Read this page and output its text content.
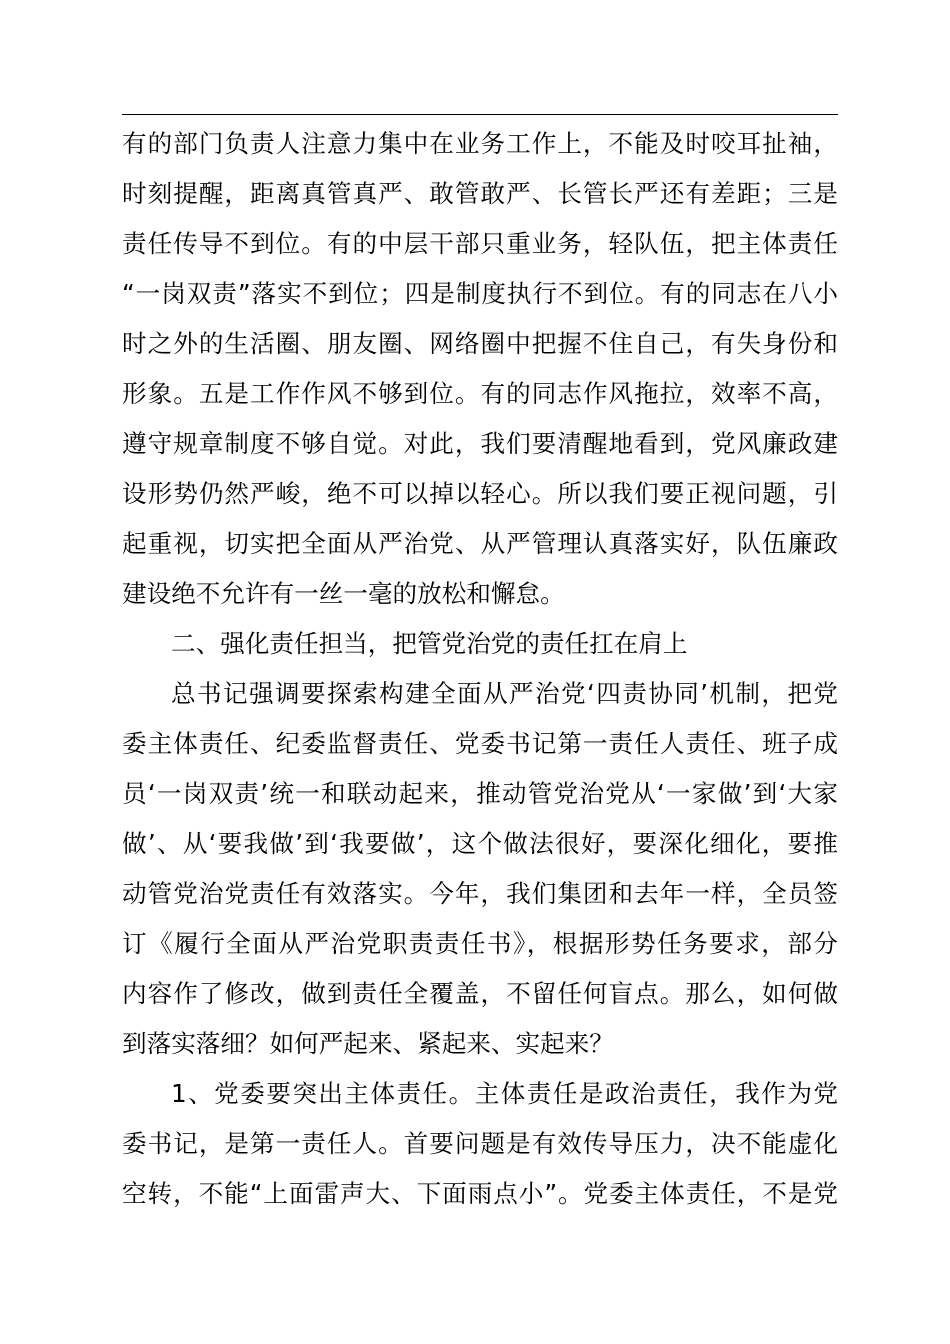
有的部门负责人注意力集中在业务工作上，不能及时咬耳扯袖，
时刻提醒，距离真管真严、敢管敢严、长管长严还有差距；三是
责任传导不到位。有的中层干部只重业务，轻队伍，把主体责任
“一岗双责”落实不到位；四是制度执行不到位。有的同志在八小
时之外的生活圈、朋友圈、网络圈中把握不住自己，有失身份和
形象。五是工作作风不够到位。有的同志作风拖拉，效率不高，
遵守规章制度不够自觉。对此，我们要清醒地看到，党风廉政建
设形势仍然严峻，绝不可以掉以轻心。所以我们要正视问题，引
起重视，切实把全面从严治党、从严管理认真落实好，队伍廉政
建设绝不允许有一丝一毫的放松和懈怠。
二、强化责任担当，把管党治党的责任扛在肩上
总书记强调要探索构建全面从严治党‘四责协同’机制，把党
委主体责任、纪委监督责任、党委书记第一责任人责任、班子成
员‘一岗双责’统一和联动起来，推动管党治党从‘一家做’到‘大家
做’、从‘要我做’到‘我要做’，这个做法很好，要深化细化，要推
动管党治党责任有效落实。今年，我们集团和去年一样，全员签
订《履行全面从严治党职责责任书》，根据形势任务要求，部分
内容作了修改，做到责任全覆盖，不留任何盲点。那么，如何做
到落实落细？如何严起来、紧起来、实起来？
1、党委要突出主体责任。主体责任是政治责任，我作为党
委书记，是第一责任人。首要问题是有效传导压力，决不能虚化
空转，不能“上面雷声大、下面雨点小”。党委主体责任，不是党
